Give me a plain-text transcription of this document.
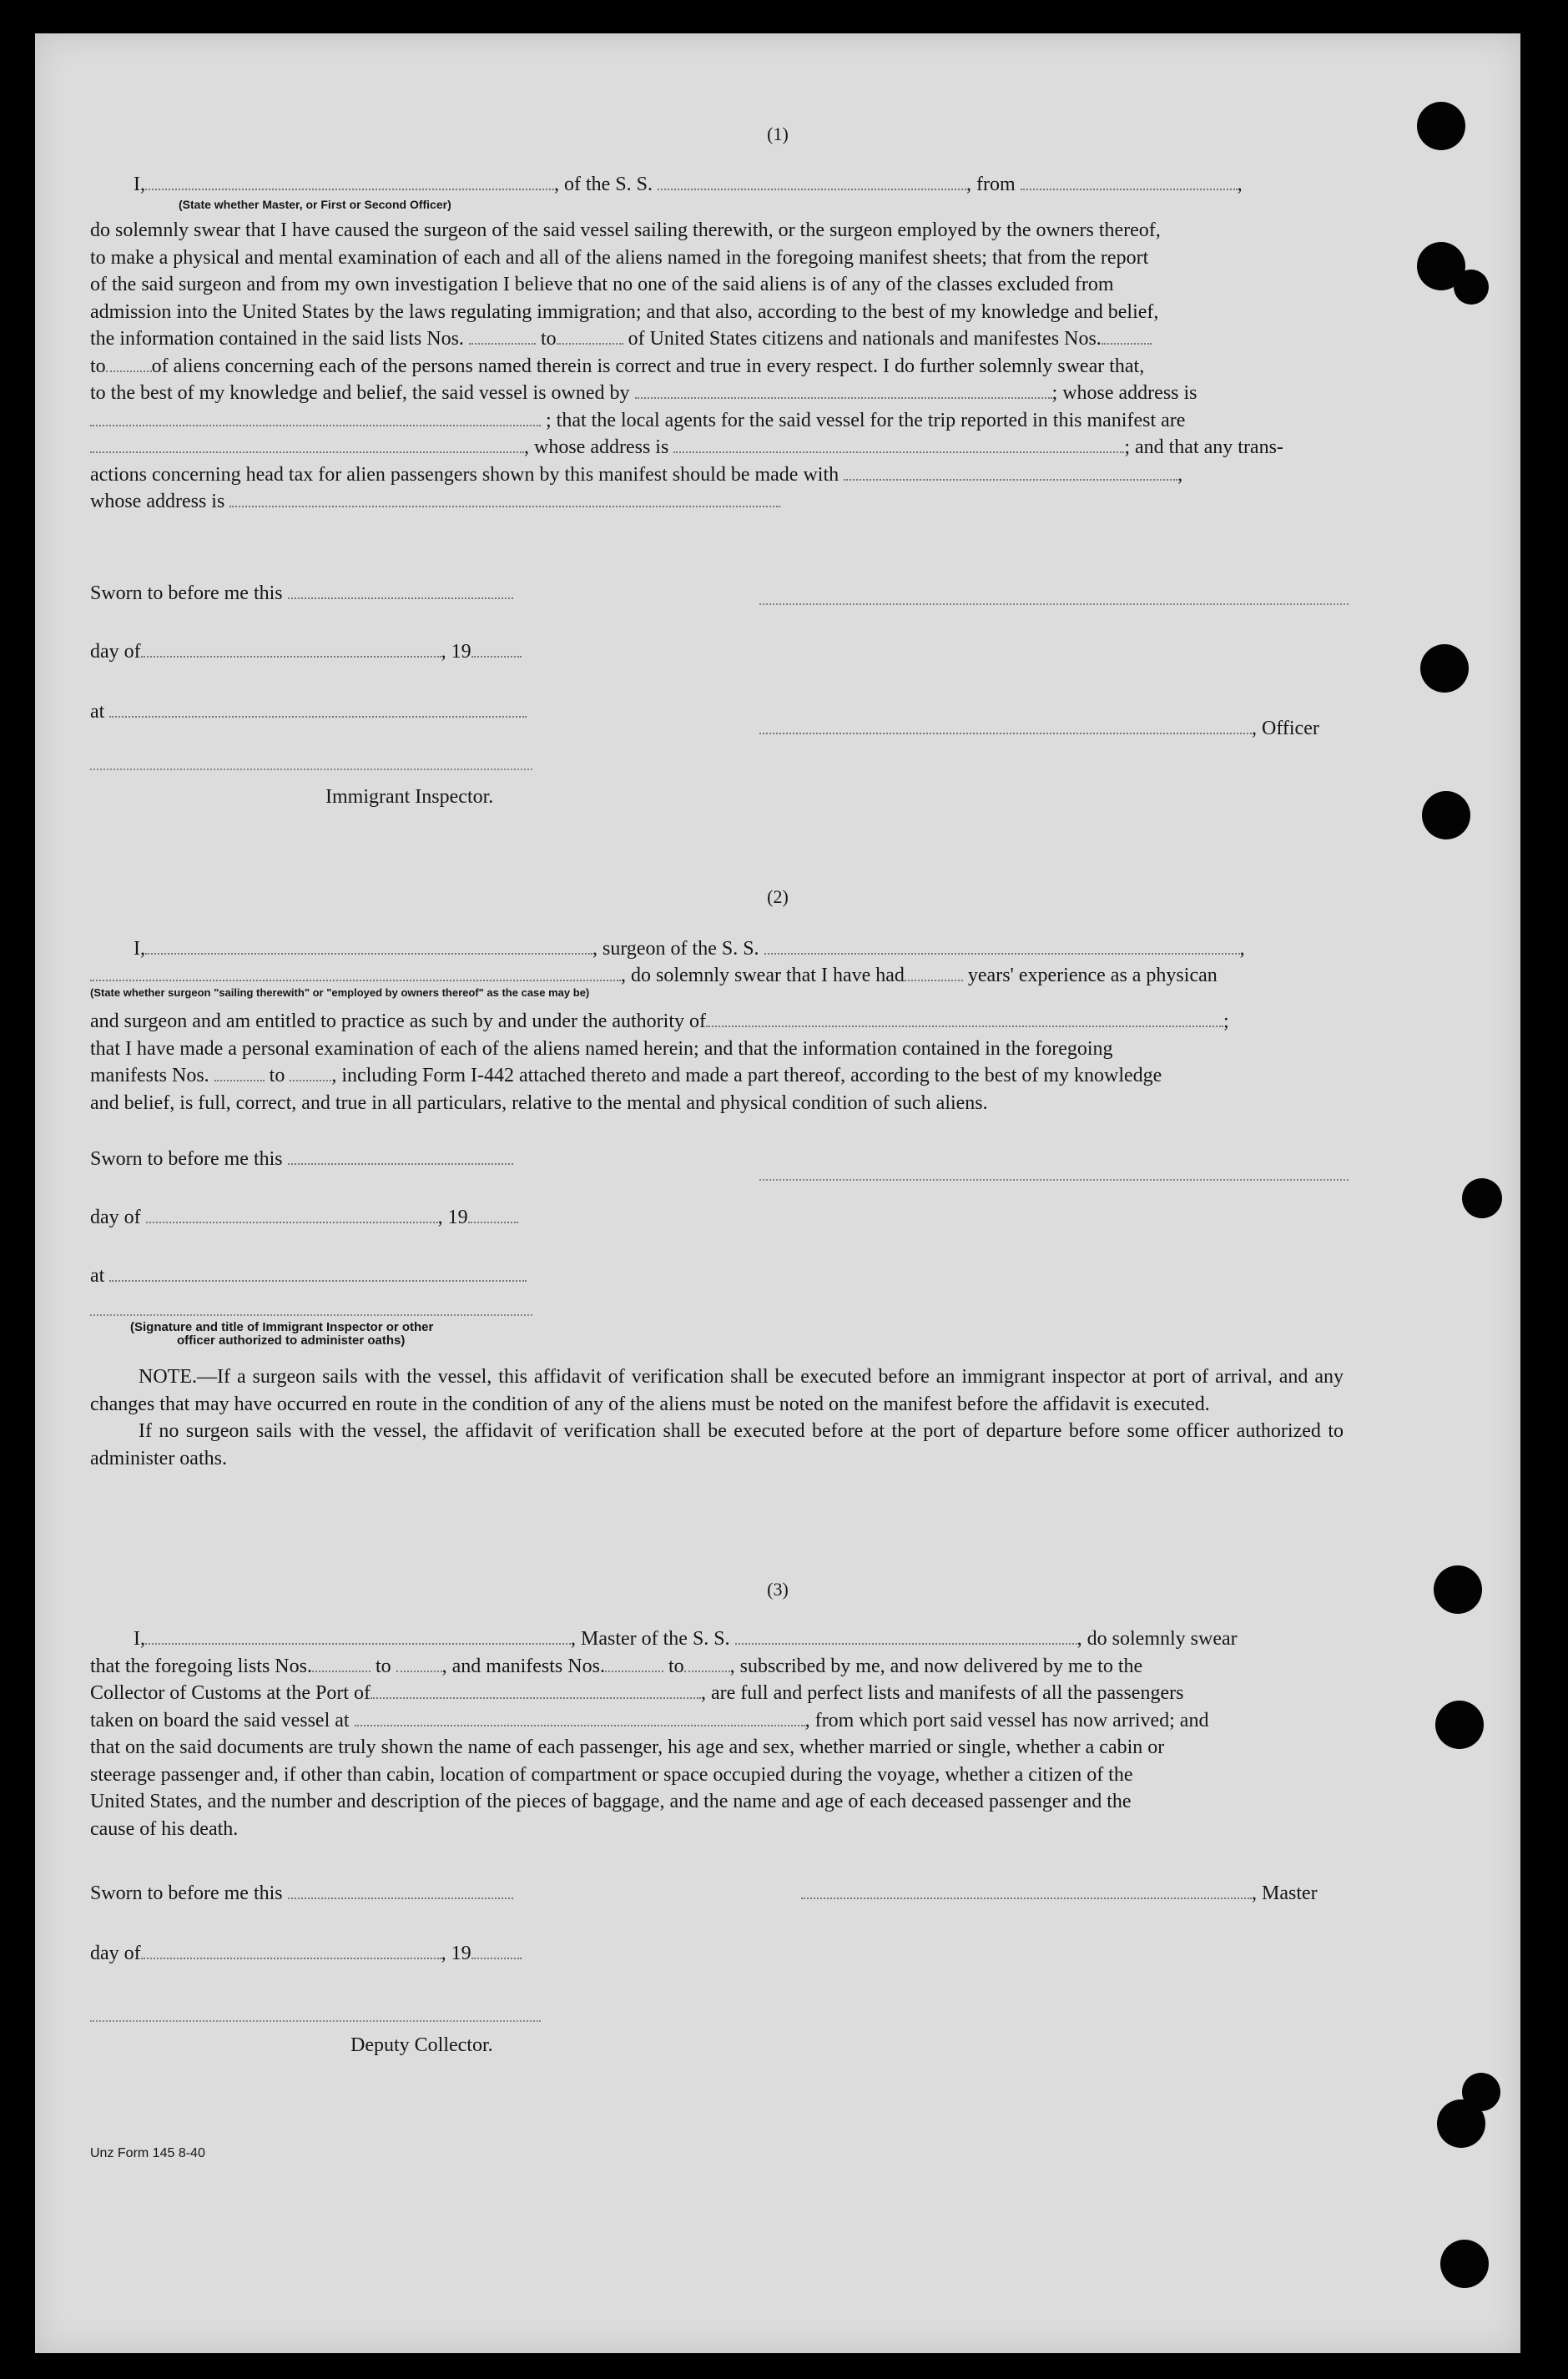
(1)
I,	, of the S. S.	, from	,
(State whether Master, or First or Second Officer)

do solemnly swear that I have caused the surgeon of the said vessel sailing therewith, or the surgeon employed by the owners thereof,

to make a physical and mental examination of each and all of the aliens named in the foregoing manifest sheets; that from the report

of the said surgeon and from my own investigation I believe that no one of the said aliens is of any of the classes excluded from

admission into the United States by the laws regulating immigration; and that also, according to the best of my knowledge and belief,

the information contained in the said lists Nos.	to	of United States citizens and nationals and manifestes Nos.

to of aliens concerning each of the persons named therein is correct and true in every respect. I do further solemnly swear that,

to the best of my knowledge and belief, the said vessel is owned by	; whose address is

; that the local agents for the said vessel for the trip reported in this manifest are

, whose address is	; and that any trans-

actions concerning head tax for alien passengers shown by this manifest should be made with	,

whose address is

Sworn to before me this
day of	, 19
at
, Officer
Immigrant Inspector.
(2)
I,	, surgeon of the S. S.	,
, do solemnly swear that I have had	years' experience as a physican
(State whether surgeon "sailing therewith" or "employed by owners thereof" as the case may be)

and surgeon and am entitled to practice as such by and under the authority of	;

that I have made a personal examination of each of the aliens named herein; and that the information contained in the foregoing

manifests Nos.	to , including Form I-442 attached thereto and made a part thereof, according to the best of my knowledge

and belief, is full, correct, and true in all particulars, relative to the mental and physical condition of such aliens.

Sworn to before me this
day of	, 19
at
(Signature and title of Immigrant Inspector or other
officer authorized to administer oaths)

NOTE.—If a surgeon sails with the vessel, this affidavit of verification shall be executed before an immigrant inspector at port of arrival, and any changes that may have occurred en route in the condition of any of the aliens must be noted on the manifest before the affidavit is executed.

If no surgeon sails with the vessel, the affidavit of verification shall be executed before at the port of departure before some officer authorized to administer oaths.

(3)

I,	, Master of the S. S.	, do solemnly swear

that the foregoing lists Nos.	to	, and manifests Nos.	to , subscribed by me, and now delivered by me to the

Collector of Customs at the Port of	, are full and perfect lists and manifests of all the passengers

taken on board the said vessel at	, from which port said vessel has now arrived; and

that on the said documents are truly shown the name of each passenger, his age and sex, whether married or single, whether a cabin or

steerage passenger and, if other than cabin, location of compartment or space occupied during the voyage, whether a citizen of the

United States, and the number and description of the pieces of baggage, and the name and age of each deceased passenger and the

cause of his death.

Sworn to before me this	, Master
day of	, 19
Deputy Collector.
Unz Form 145 8-40
